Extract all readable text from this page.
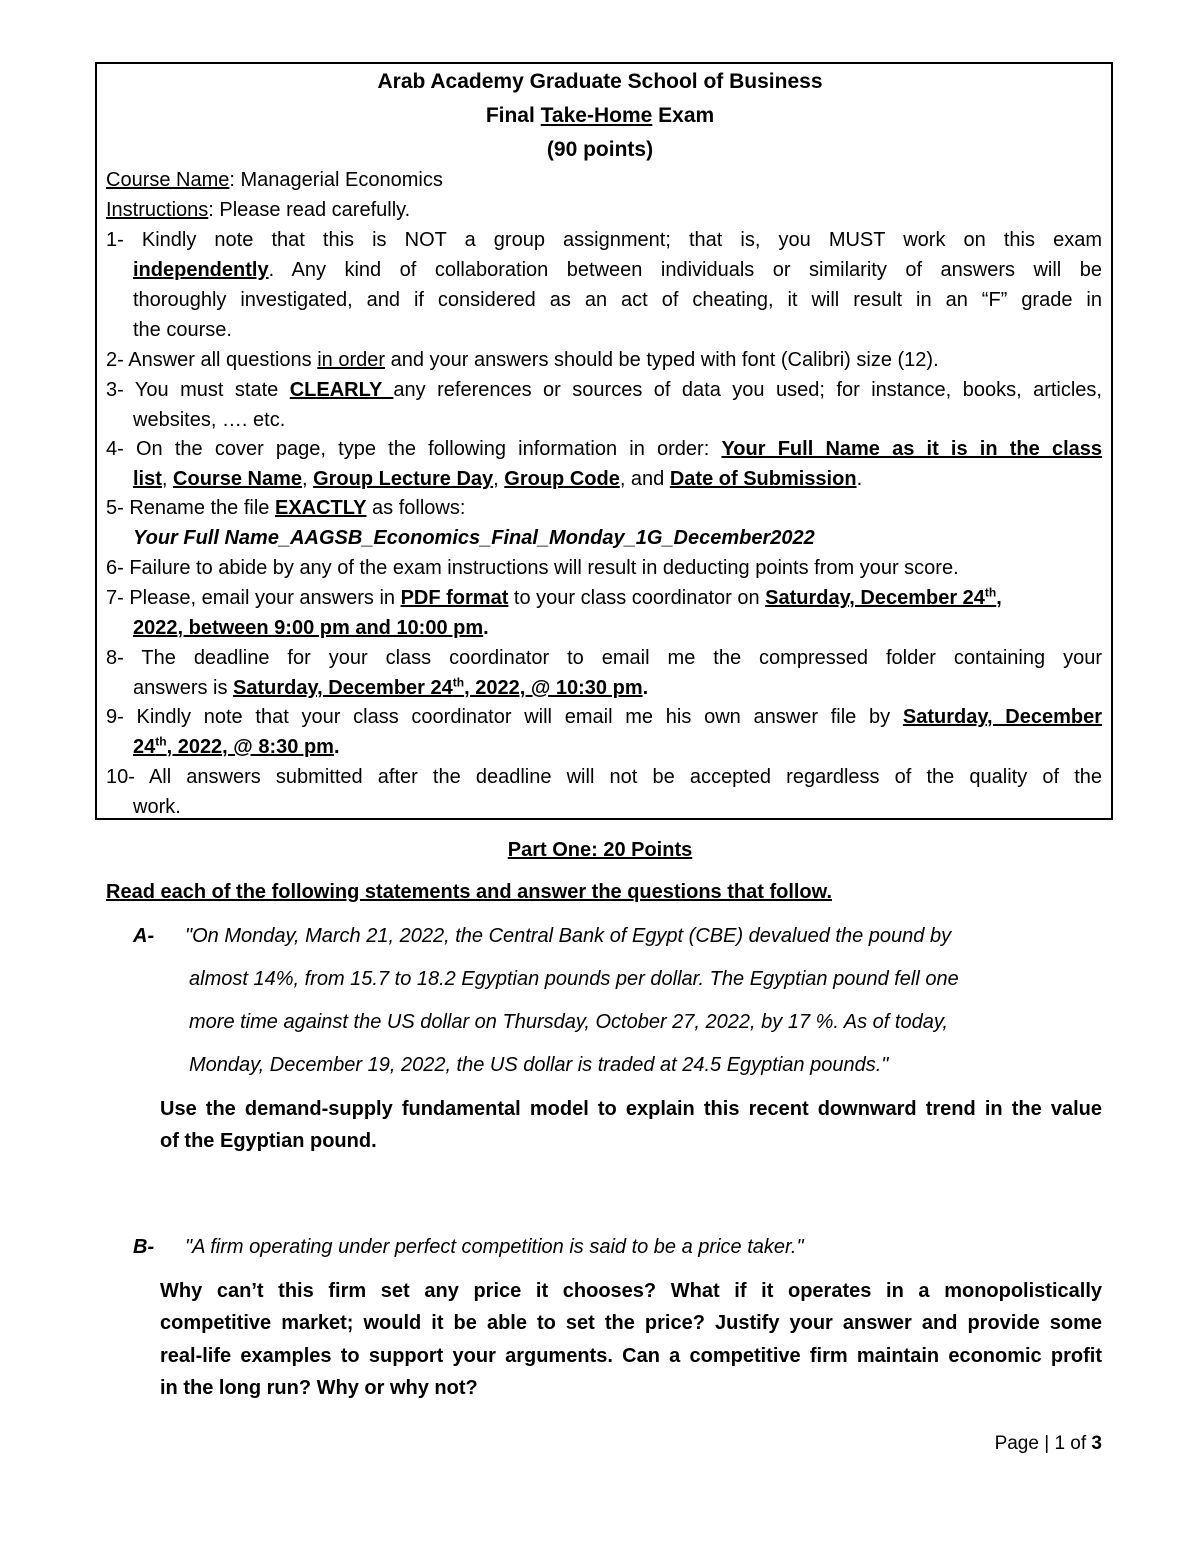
Arab Academy Graduate School of Business
Final Take-Home Exam
(90 points)
Course Name: Managerial Economics
Instructions: Please read carefully.
1- Kindly note that this is NOT a group assignment; that is, you MUST work on this exam
independently. Any kind of collaboration between individuals or similarity of answers will be
thoroughly investigated, and if considered as an act of cheating, it will result in an “F” grade in
the course.
2- Answer all questions in order and your answers should be typed with font (Calibri) size (12).
3- You must state CLEARLY any references or sources of data you used; for instance, books, articles,
websites, …. etc.
4- On the cover page, type the following information in order: Your Full Name as it is in the class
list, Course Name, Group Lecture Day, Group Code, and Date of Submission.
5- Rename the file EXACTLY as follows:
Your Full Name_AAGSB_Economics_Final_Monday_1G_December2022
6- Failure to abide by any of the exam instructions will result in deducting points from your score.
7- Please, email your answers in PDF format to your class coordinator on Saturday, December 24th,
2022, between 9:00 pm and 10:00 pm.
8- The deadline for your class coordinator to email me the compressed folder containing your
answers is Saturday, December 24th, 2022, @ 10:30 pm.
9- Kindly note that your class coordinator will email me his own answer file by Saturday, December
24th, 2022, @ 8:30 pm.
10- All answers submitted after the deadline will not be accepted regardless of the quality of the
work.
Part One: 20 Points
Read each of the following statements and answer the questions that follow.
A- "On Monday, March 21, 2022, the Central Bank of Egypt (CBE) devalued the pound by
almost 14%, from 15.7 to 18.2 Egyptian pounds per dollar. The Egyptian pound fell one
more time against the US dollar on Thursday, October 27, 2022, by 17 %. As of today,
Monday, December 19, 2022, the US dollar is traded at 24.5 Egyptian pounds."
Use the demand-supply fundamental model to explain this recent downward trend in the value
of the Egyptian pound.
B- "A firm operating under perfect competition is said to be a price taker."
Why can’t this firm set any price it chooses? What if it operates in a monopolistically
competitive market; would it be able to set the price? Justify your answer and provide some
real-life examples to support your arguments. Can a competitive firm maintain economic profit
in the long run? Why or why not?
Page | 1 of 3
